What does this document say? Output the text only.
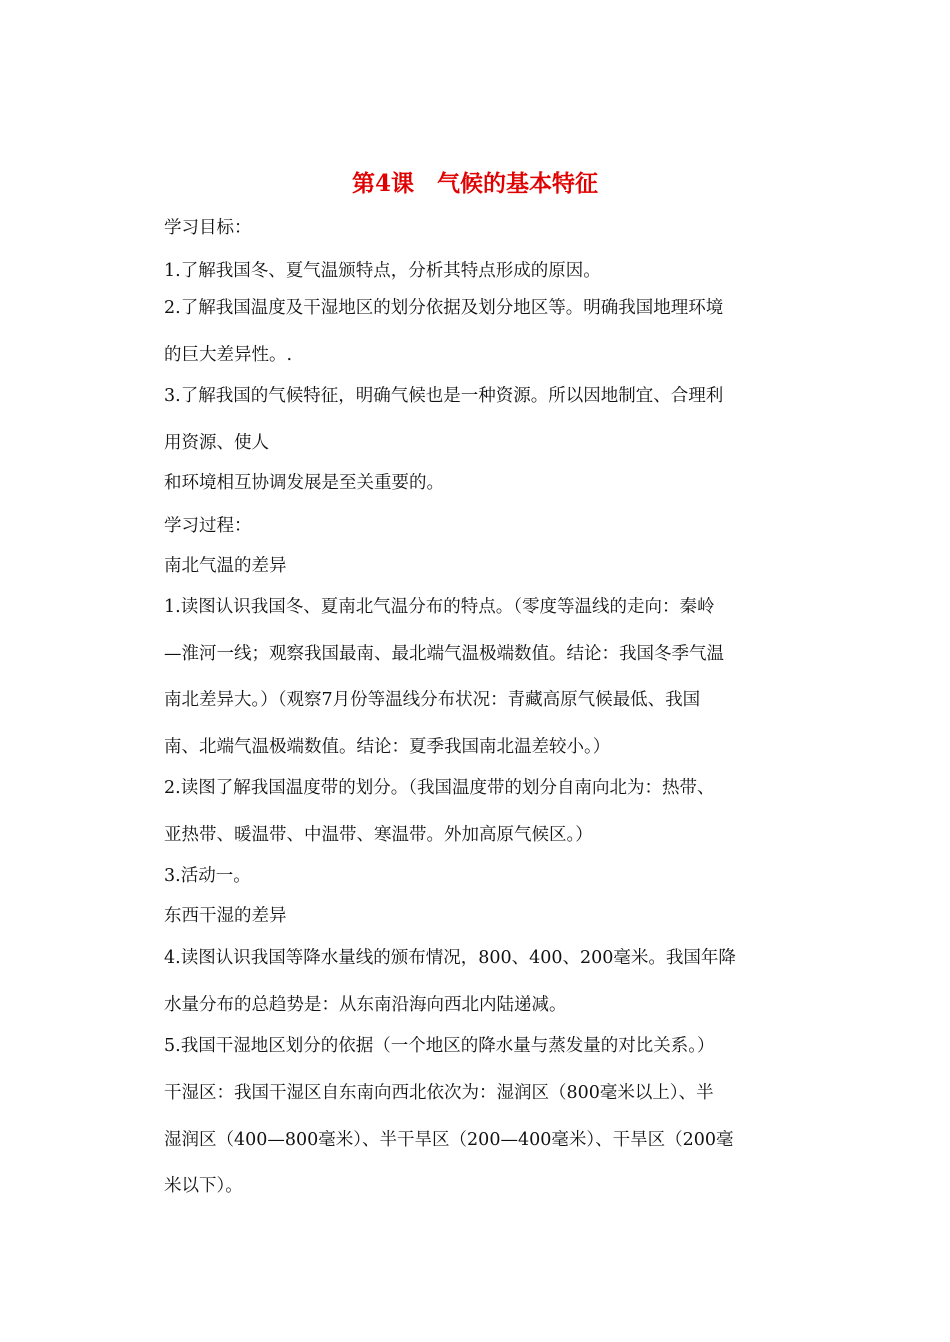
第4课　气候的基本特征
学习目标：
1.了解我国冬、夏气温颁特点，分析其特点形成的原因。
2.了解我国温度及干湿地区的划分依据及划分地区等。明确我国地理环境
的巨大差异性。.
3.了解我国的气候特征，明确气候也是一种资源。所以因地制宜、合理利
用资源、使人
和环境相互协调发展是至关重要的。
学习过程：
南北气温的差异
1.读图认识我国冬、夏南北气温分布的特点。（零度等温线的走向：秦岭
—淮河一线；观察我国最南、最北端气温极端数值。结论：我国冬季气温
南北差异大。）（观察7月份等温线分布状况：青藏高原气候最低、我国
南、北端气温极端数值。结论：夏季我国南北温差较小。）
2.读图了解我国温度带的划分。（我国温度带的划分自南向北为：热带、
亚热带、暖温带、中温带、寒温带。外加高原气候区。）
3.活动一。
东西干湿的差异
4.读图认识我国等降水量线的颁布情况，800、400、200毫米。我国年降
水量分布的总趋势是：从东南沿海向西北内陆递减。
5.我国干湿地区划分的依据（一个地区的降水量与蒸发量的对比关系。）
干湿区：我国干湿区自东南向西北依次为：湿润区（800毫米以上）、半
湿润区（400—800毫米）、半干旱区（200—400毫米）、干旱区（200毫
米以下）。
